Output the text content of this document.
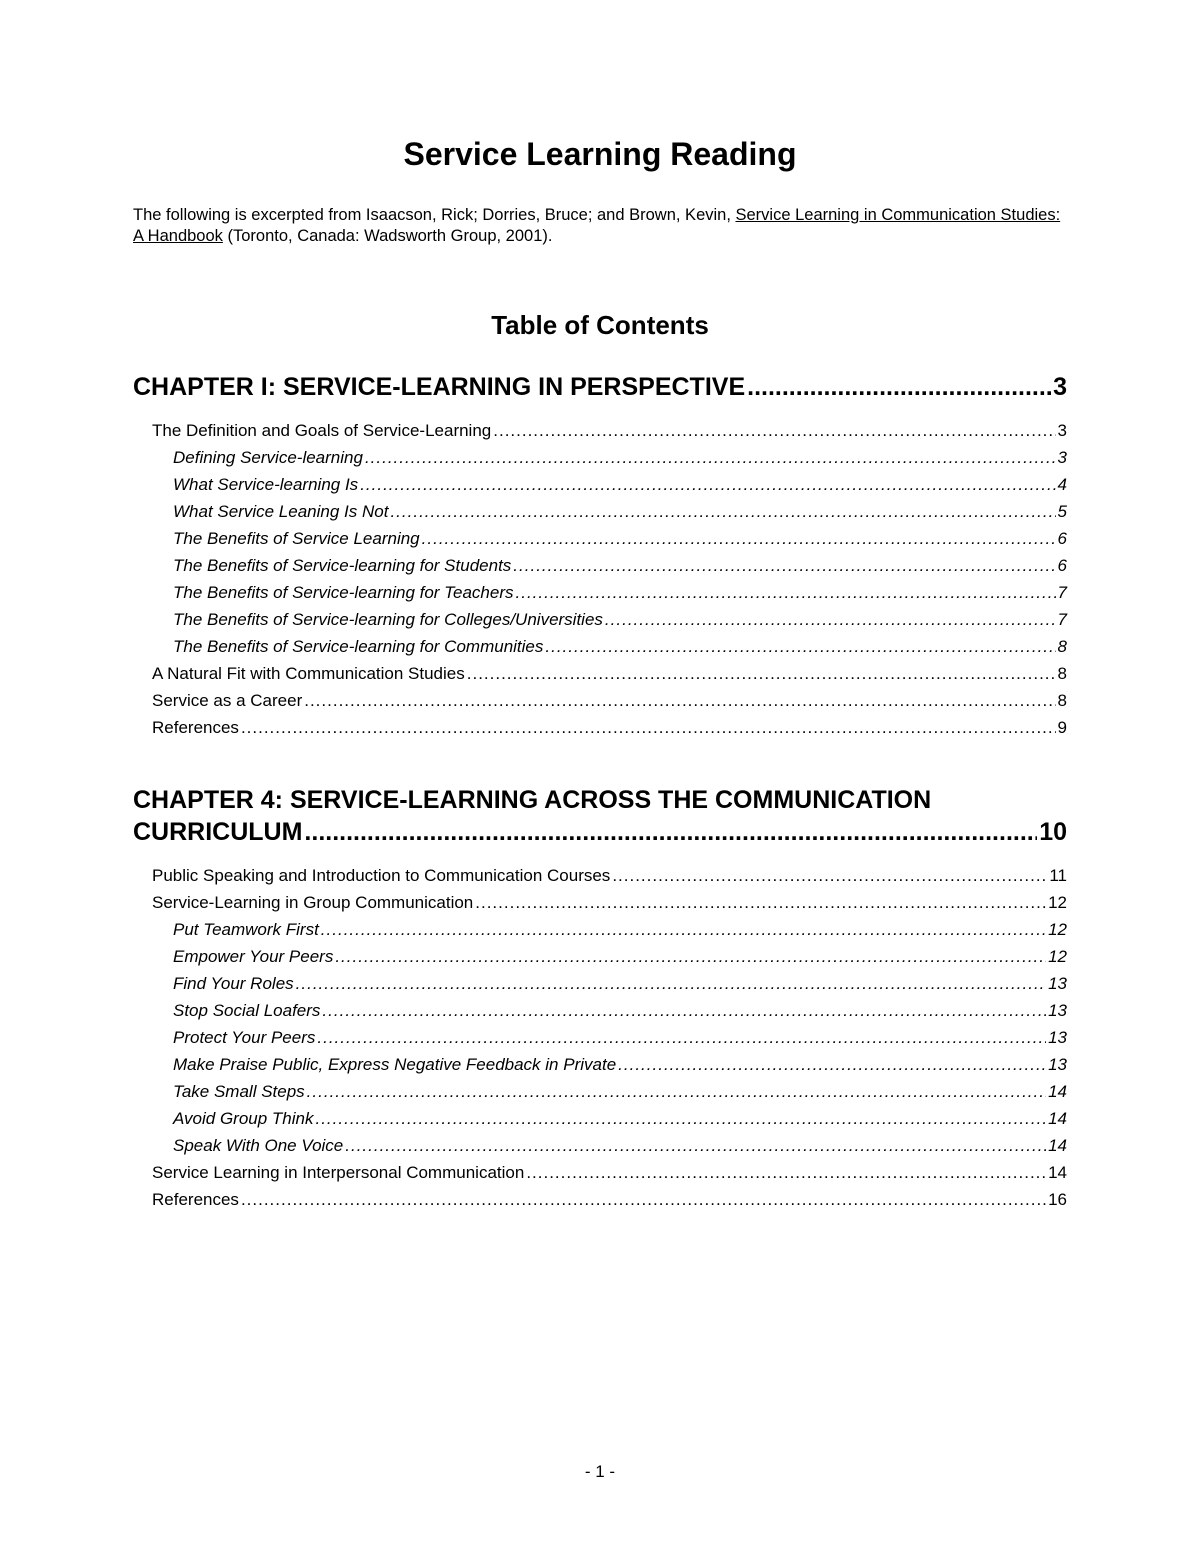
Service Learning Reading

The following is excerpted from Isaacson, Rick; Dorries, Bruce; and Brown, Kevin, Service Learning in Communication Studies: A Handbook (Toronto, Canada: Wadsworth Group, 2001).

Table of Contents
CHAPTER I: SERVICE-LEARNING IN PERSPECTIVE .....	3
The Definition and Goals of Service-Learning .....	3
Defining Service-learning .....	3
What Service-learning Is .....	4
What Service Leaning Is Not .....	5
The Benefits of Service Learning .....	6
The Benefits of Service-learning for Students .....	6
The Benefits of Service-learning for Teachers .....	7
The Benefits of Service-learning for Colleges/Universities .....	7
The Benefits of Service-learning for Communities .....	8
A Natural Fit with Communication Studies .....	8
Service as a Career .....	8
References .....	9
CHAPTER 4: SERVICE-LEARNING ACROSS THE COMMUNICATION
CURRICULUM .....	10
Public Speaking and Introduction to Communication Courses .....	11
Service-Learning in Group Communication .....	12
Put Teamwork First .....	12
Empower Your Peers .....	12
Find Your Roles .....	13
Stop Social Loafers .....	13
Protect Your Peers .....	13
Make Praise Public, Express Negative Feedback in Private .....	13
Take Small Steps .....	14
Avoid Group Think .....	14
Speak With One Voice .....	14
Service Learning in Interpersonal Communication .....	14
References .....	16
- 1 -
